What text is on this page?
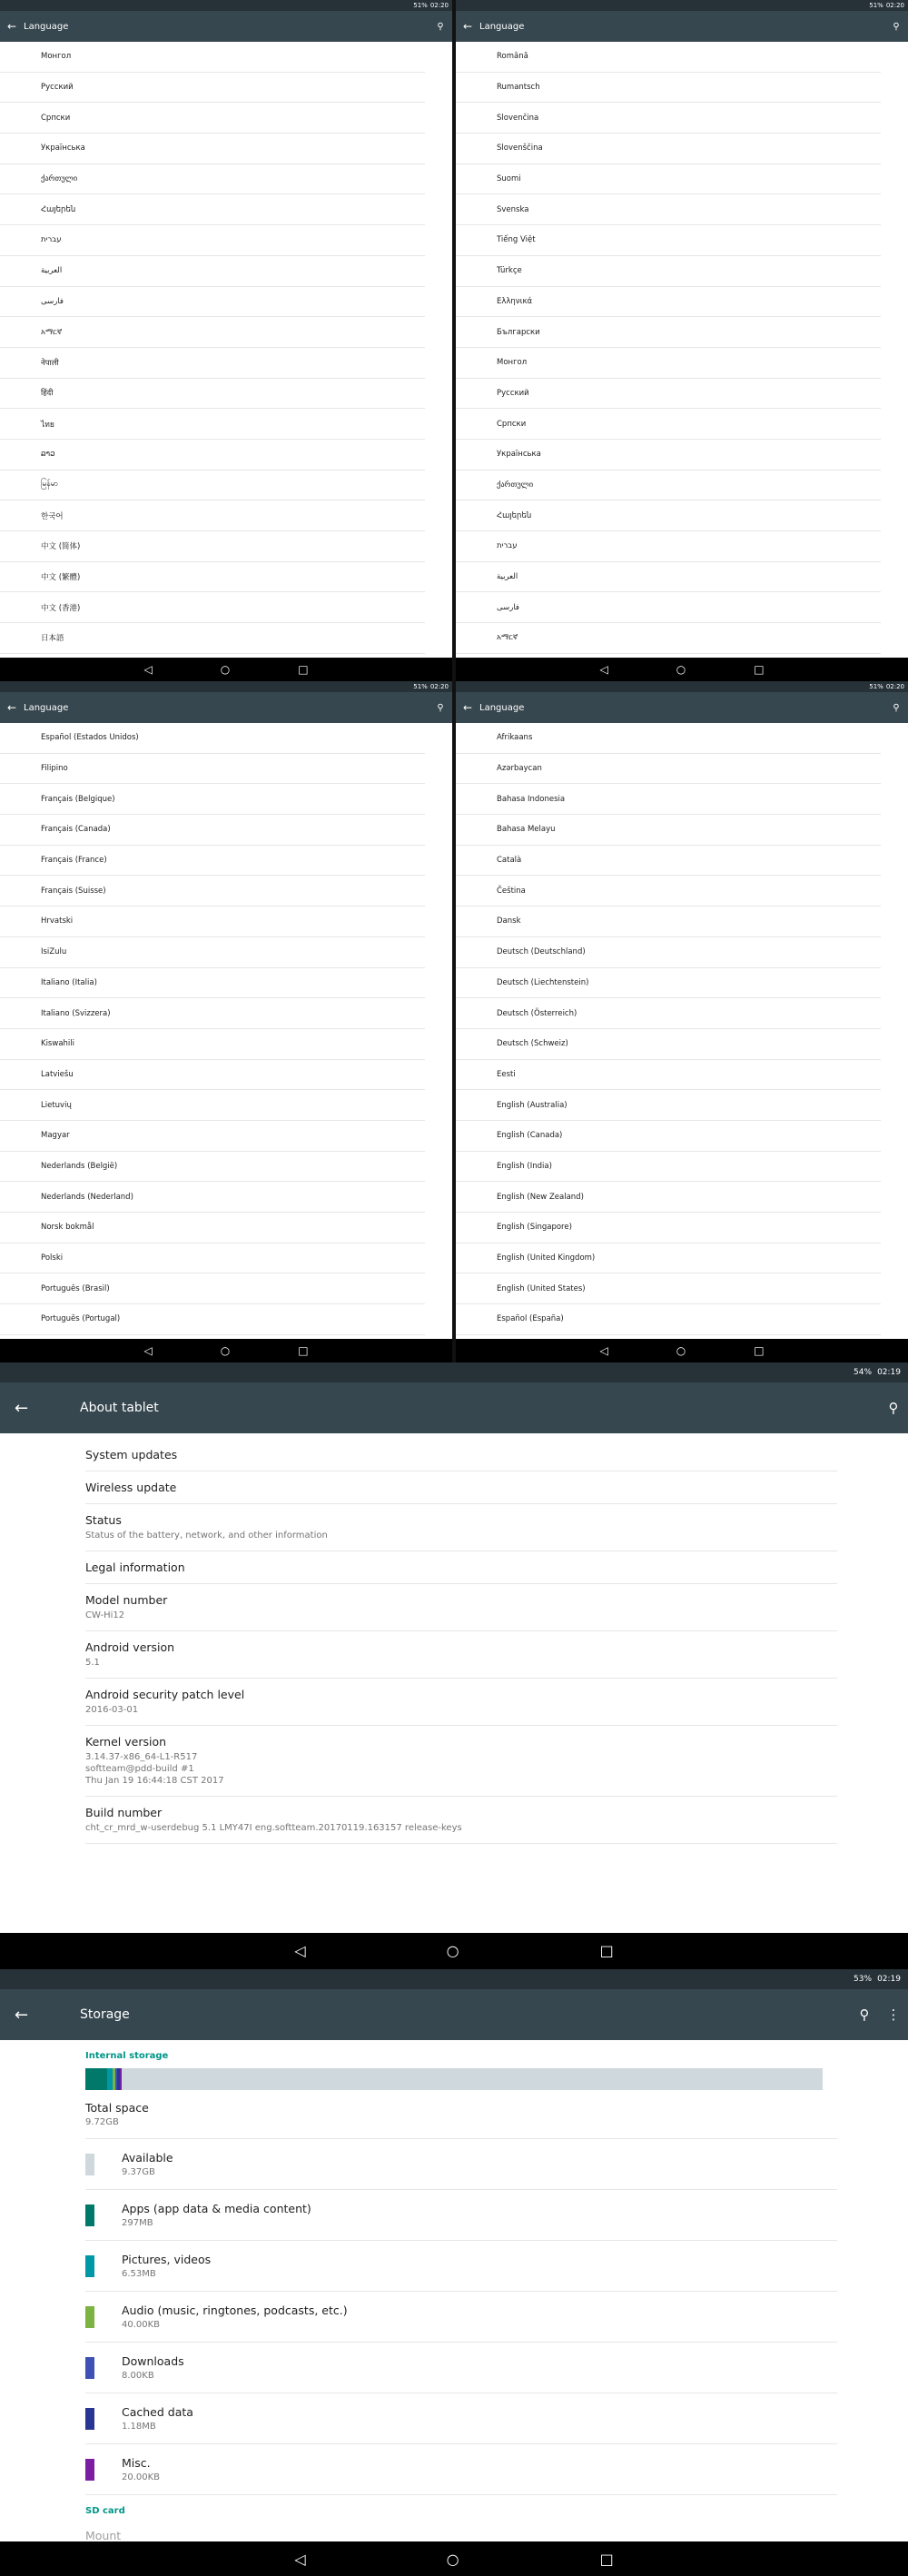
51% 02:20
← Language	⚲
Монгол
Русский
Српски
Українська
ქართული
Հայերեն
עברית
العربية
فارسی
አማርኛ
नेपाली
हिंदी
ไทย
ລາວ
မြန်မာ
한국어
中文 (简体)
中文 (繁體)
中文 (香港)
日本語
◁	○	□
51% 02:20
← Language	⚲
Română
Rumantsch
Slovenčina
Slovenščina
Suomi
Svenska
Tiếng Việt
Türkçe
Ελληνικά
Български
Монгол
Русский
Српски
Українська
ქართული
Հայերեն
עברית
العربية
فارسی
አማርኛ
◁	○	□
51% 02:20
← Language	⚲
Español (Estados Unidos)
Filipino
Français (Belgique)
Français (Canada)
Français (France)
Français (Suisse)
Hrvatski
IsiZulu
Italiano (Italia)
Italiano (Svizzera)
Kiswahili
Latviešu
Lietuvių
Magyar
Nederlands (België)
Nederlands (Nederland)
Norsk bokmål
Polski
Português (Brasil)
Português (Portugal)
◁	○	□
51% 02:20
← Language	⚲
Afrikaans
Azərbaycan
Bahasa Indonesia
Bahasa Melayu
Català
Čeština
Dansk
Deutsch (Deutschland)
Deutsch (Liechtenstein)
Deutsch (Österreich)
Deutsch (Schweiz)
Eesti
English (Australia)
English (Canada)
English (India)
English (New Zealand)
English (Singapore)
English (United Kingdom)
English (United States)
Español (España)
◁	○	□
54% 02:19
←	About tablet	⚲
System updates
Wireless update
Status
Status of the battery, network, and other information
Legal information
Model number
CW-Hi12
Android version
5.1
Android security patch level
2016-03-01
Kernel version
3.14.37-x86_64-L1-R517
softteam@pdd-build #1
Thu Jan 19 16:44:18 CST 2017
Build number
cht_cr_mrd_w-userdebug 5.1 LMY47I eng.softteam.20170119.163157 release-keys
◁	○	□
53% 02:19
←	Storage	⚲	⋮
Internal storage
Total space
9.72GB
Available
9.37GB
Apps (app data & media content)
297MB
Pictures, videos
6.53MB
Audio (music, ringtones, podcasts, etc.)
40.00KB
Downloads
8.00KB
Cached data
1.18MB
Misc.
20.00KB
SD card
Mount
◁	○	□
